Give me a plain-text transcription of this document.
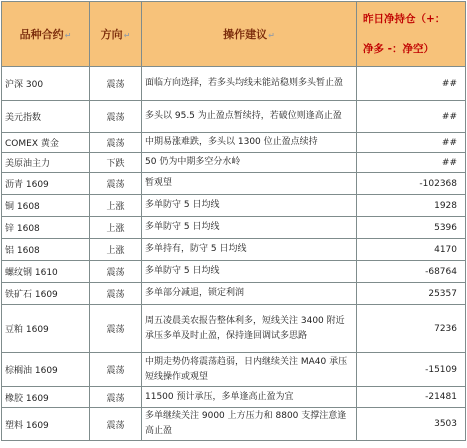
品种合约↵	方向↵	操作建议↵	昨日净持仓（+：
净多 -：净空）

沪深 300	震荡	面临方向选择，若多头均线未能站稳则多头暂止盈	##
美元指数	震荡	多头以 95.5 为止盈点暂续持，若破位则逢高止盈	##
COMEX 黄金	震荡	中期易涨难跌，多头以 1300 位止盈点续持	##
美原油主力	下跌	50 仍为中期多空分水岭	##
沥青 1609	震荡	暂观望	-102368
铜 1608	上涨	多单防守 5 日均线	1928
锌 1608	上涨	多单防守 5 日均线	5396
铝 1608	上涨	多单持有，防守 5 日均线	4170
螺纹钢 1610	震荡	多单防守 5 日均线	-68764
铁矿石 1609	震荡	多单部分减退，锁定利润	25357
豆粕 1609	震荡	周五凌晨美农报告整体利多，短线关注 3400 附近承压多单及时止盈，保持逢回调试多思路	7236
棕榈油 1609	震荡	中期走势仍将震荡趋弱，日内继续关注 MA40 承压短线操作或观望	-15109
橡胶 1609	震荡	11500 预计承压，多单逢高止盈为宜	-21481
塑料 1609	震荡	多单继续关注 9000 上方压力和 8800 支撑注意逢高止盈	3503
